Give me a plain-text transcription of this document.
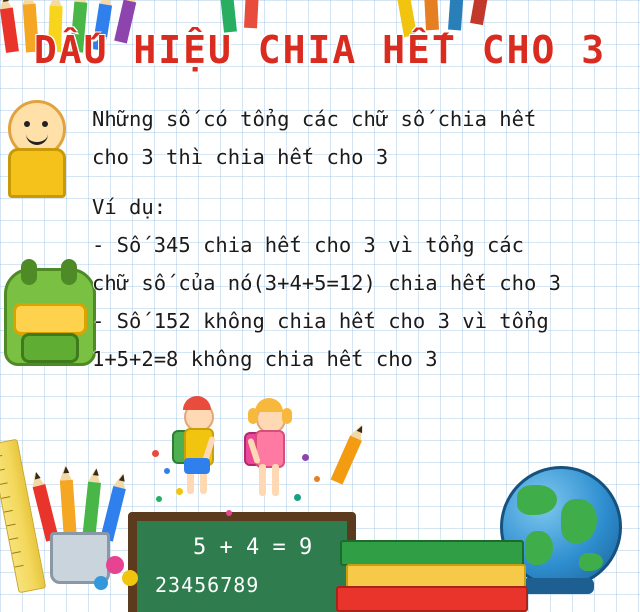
DẤU HIỆU CHIA HẾT CHO 3
Những số có tổng các chữ số chia hết
cho 3 thì chia hết cho 3
Ví dụ:
- Số 345 chia hết cho 3 vì tổng các
chữ số của nó(3+4+5=12) chia hết cho 3
- Số 152 không chia hết cho 3 vì tổng
1+5+2=8 không chia hết cho 3
5 + 4 = 9
23456789
